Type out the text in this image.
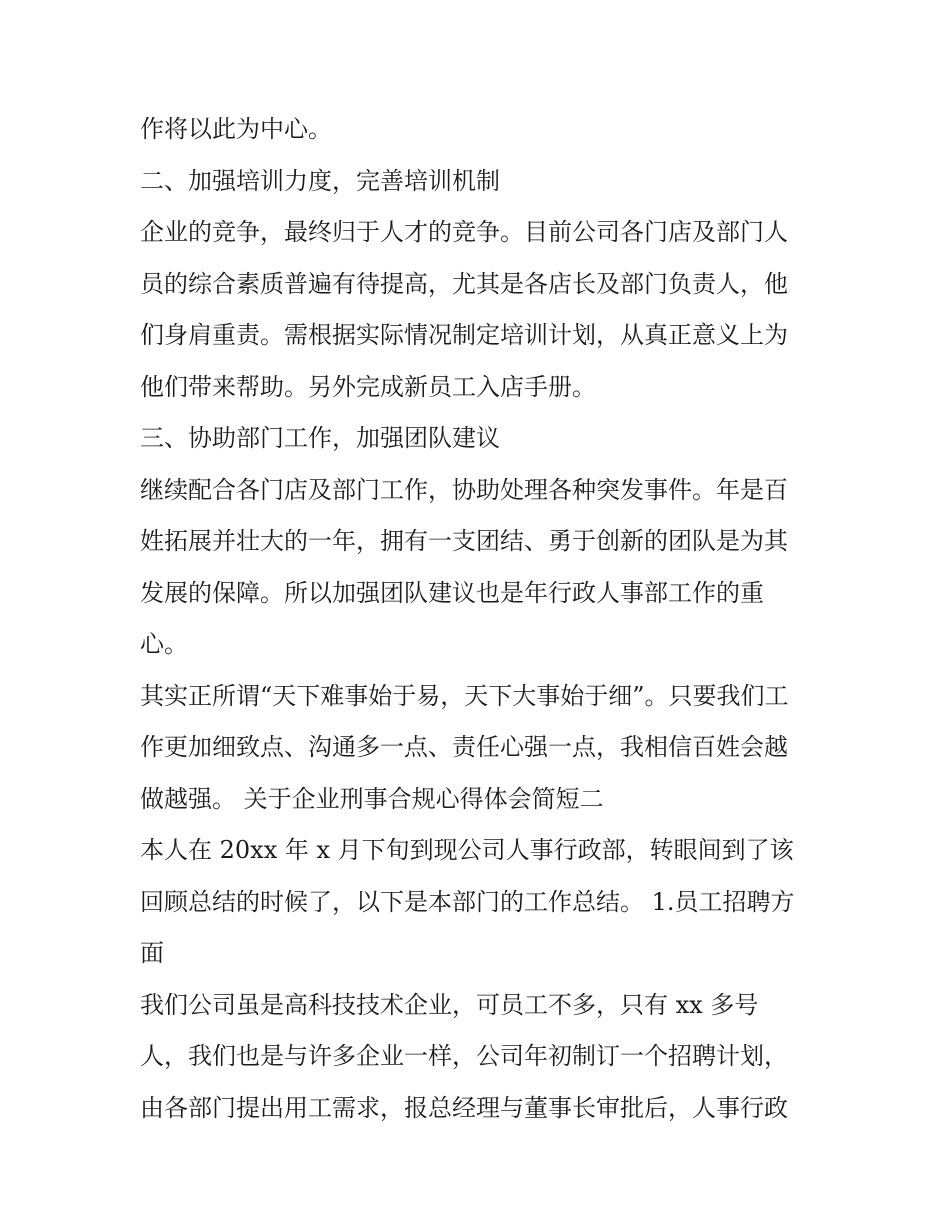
作将以此为中心。
二、加强培训力度，完善培训机制
企业的竞争，最终归于人才的竞争。目前公司各门店及部门人
员的综合素质普遍有待提高，尤其是各店长及部门负责人，他
们身肩重责。需根据实际情况制定培训计划，从真正意义上为
他们带来帮助。另外完成新员工入店手册。
三、协助部门工作，加强团队建议
继续配合各门店及部门工作，协助处理各种突发事件。年是百
姓拓展并壮大的一年，拥有一支团结、勇于创新的团队是为其
发展的保障。所以加强团队建议也是年行政人事部工作的重
心。
其实正所谓“天下难事始于易，天下大事始于细”。只要我们工
作更加细致点、沟通多一点、责任心强一点，我相信百姓会越
做越强。 关于企业刑事合规心得体会简短二
本人在 20xx 年 x 月下旬到现公司人事行政部，转眼间到了该
回顾总结的时候了，以下是本部门的工作总结。 1.员工招聘方
面
我们公司虽是高科技技术企业，可员工不多，只有 xx 多号
人，我们也是与许多企业一样，公司年初制订一个招聘计划，
由各部门提出用工需求，报总经理与董事长审批后，人事行政
